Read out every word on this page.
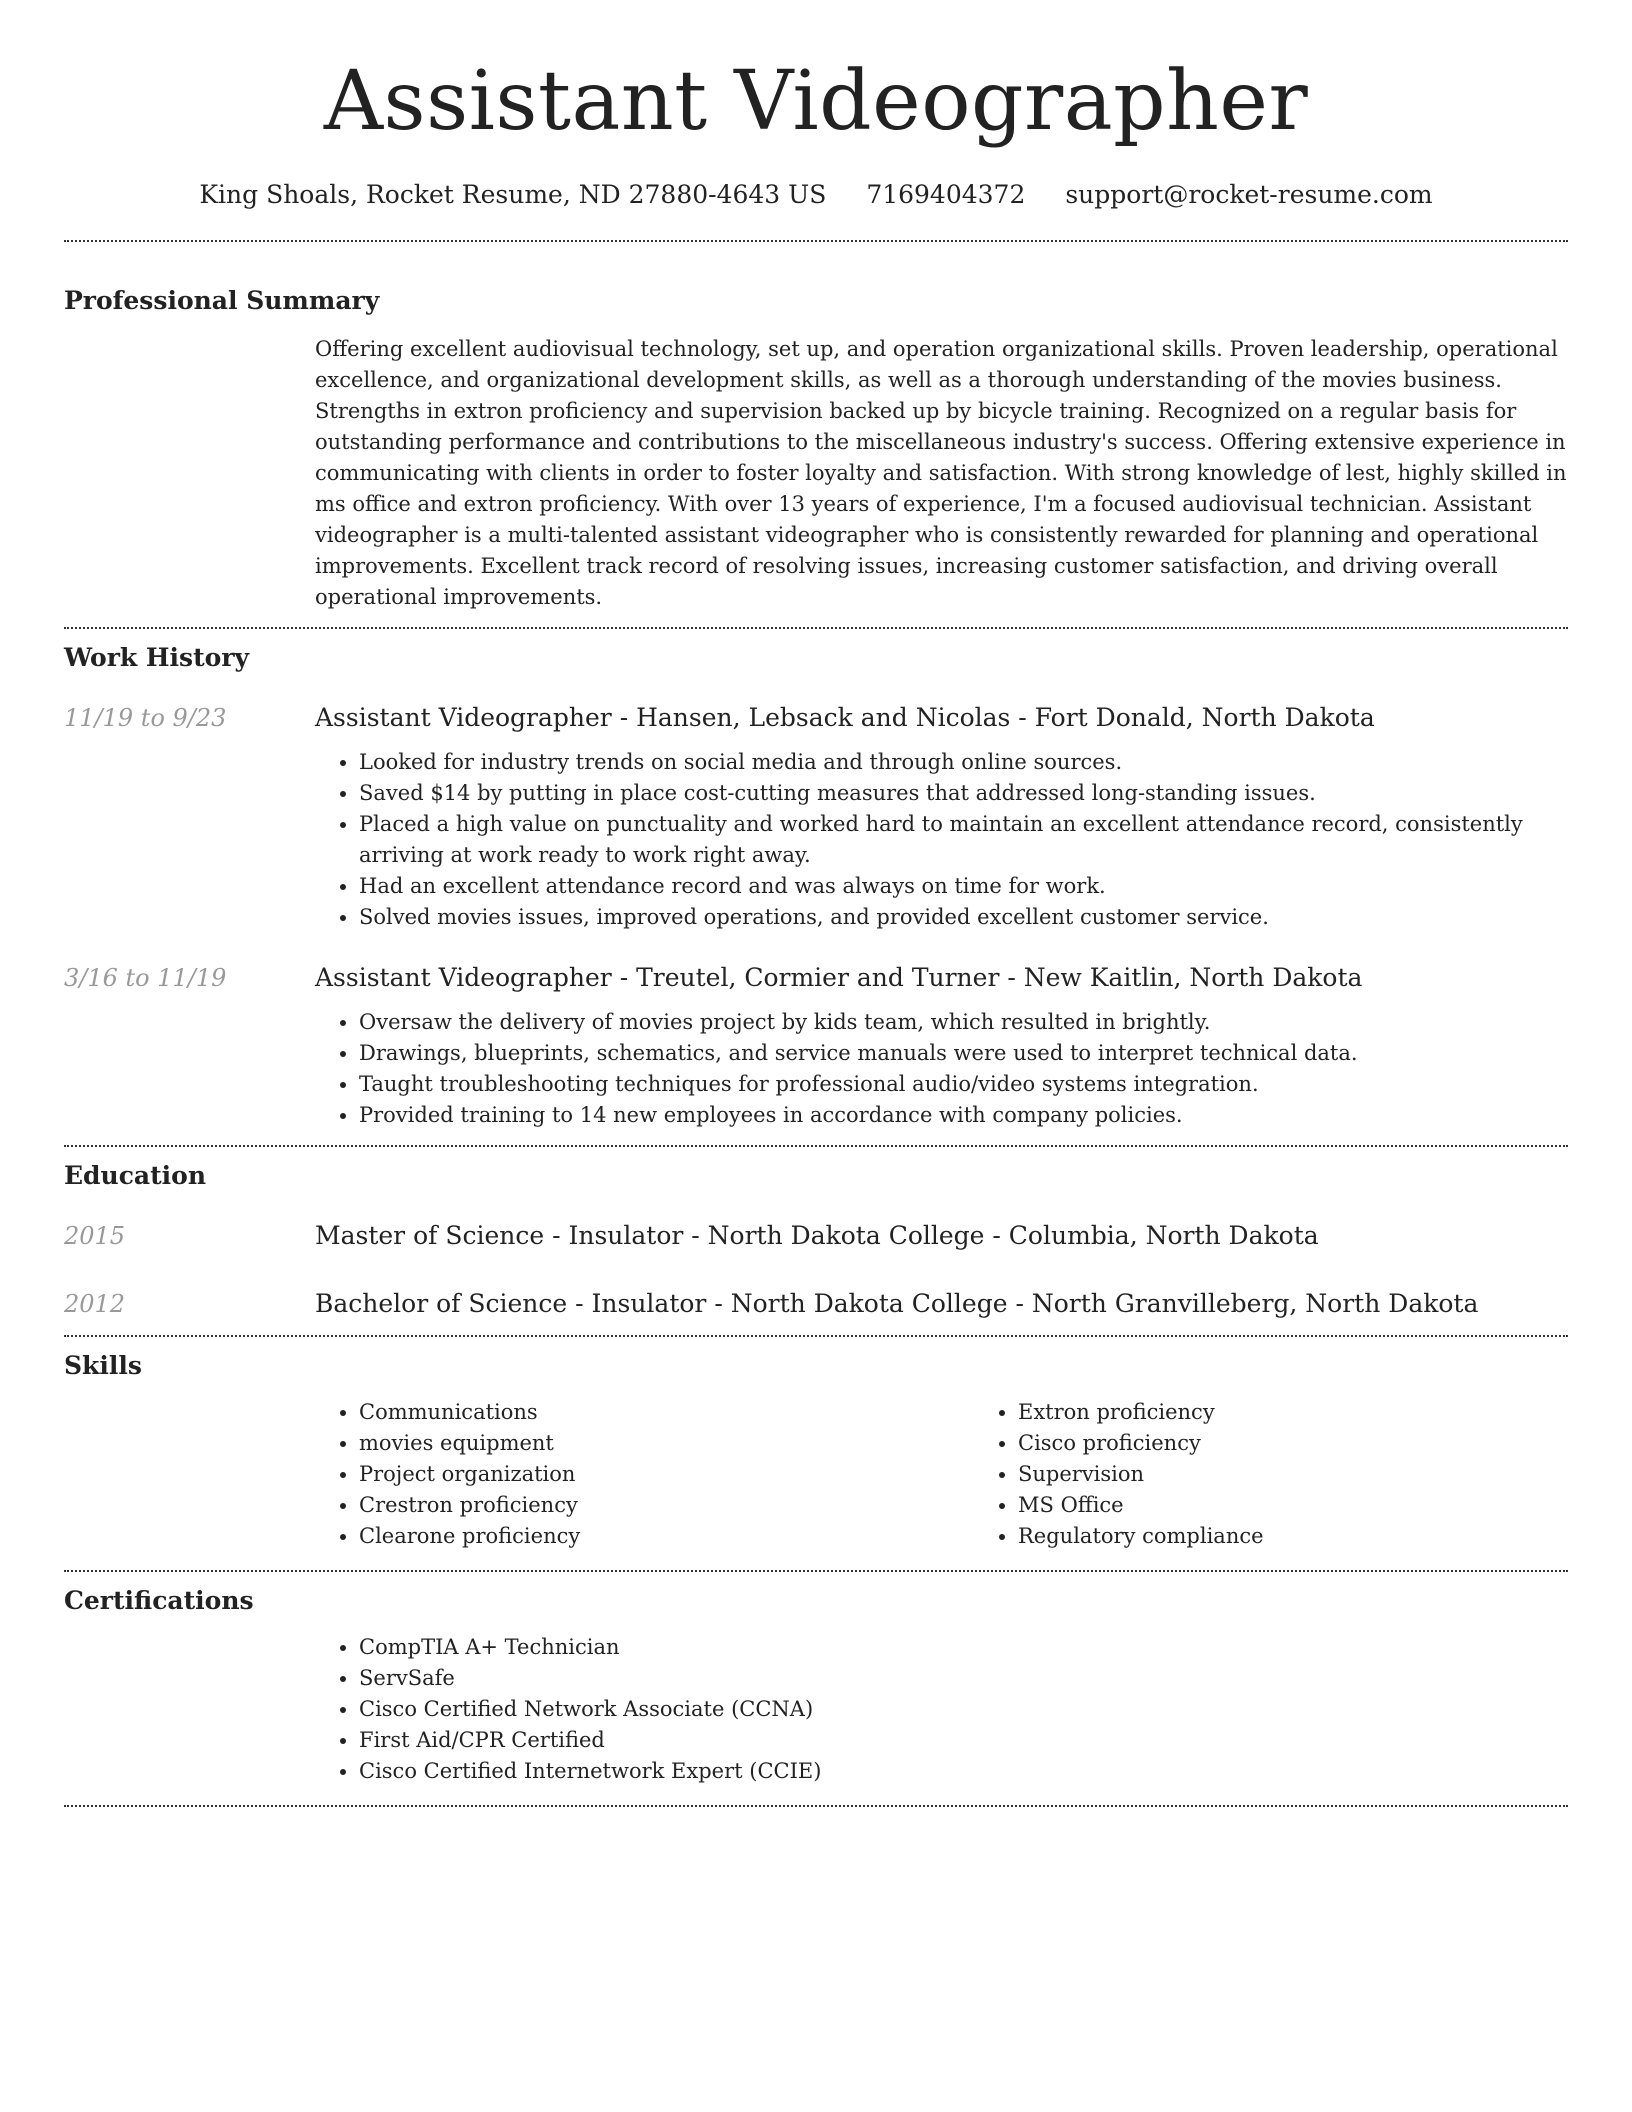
Assistant Videographer
King Shoals, Rocket Resume, ND 27880-4643 US 7169404372 support@rocket-resume.com
Professional Summary
Offering excellent audiovisual technology, set up, and operation organizational skills. Proven leadership, operational excellence, and organizational development skills, as well as a thorough understanding of the movies business. Strengths in extron proficiency and supervision backed up by bicycle training. Recognized on a regular basis for outstanding performance and contributions to the miscellaneous industry's success. Offering extensive experience in communicating with clients in order to foster loyalty and satisfaction. With strong knowledge of lest, highly skilled in ms office and extron proficiency. With over 13 years of experience, I'm a focused audiovisual technician. Assistant videographer is a multi-talented assistant videographer who is consistently rewarded for planning and operational improvements. Excellent track record of resolving issues, increasing customer satisfaction, and driving overall operational improvements.
Work History
11/19 to 9/23	Assistant Videographer - Hansen, Lebsack and Nicolas - Fort Donald, North Dakota
• Looked for industry trends on social media and through online sources.
• Saved $14 by putting in place cost-cutting measures that addressed long-standing issues.
• Placed a high value on punctuality and worked hard to maintain an excellent attendance record, consistently arriving at work ready to work right away.
• Had an excellent attendance record and was always on time for work.
• Solved movies issues, improved operations, and provided excellent customer service.
3/16 to 11/19	Assistant Videographer - Treutel, Cormier and Turner - New Kaitlin, North Dakota
• Oversaw the delivery of movies project by kids team, which resulted in brightly.
• Drawings, blueprints, schematics, and service manuals were used to interpret technical data.
• Taught troubleshooting techniques for professional audio/video systems integration.
• Provided training to 14 new employees in accordance with company policies.
Education
2015	Master of Science - Insulator - North Dakota College - Columbia, North Dakota
2012	Bachelor of Science - Insulator - North Dakota College - North Granvilleberg, North Dakota
Skills
• Communications
• movies equipment
• Project organization
• Crestron proficiency
• Clearone proficiency
• Extron proficiency
• Cisco proficiency
• Supervision
• MS Office
• Regulatory compliance
Certifications
• CompTIA A+ Technician
• ServSafe
• Cisco Certified Network Associate (CCNA)
• First Aid/CPR Certified
• Cisco Certified Internetwork Expert (CCIE)
